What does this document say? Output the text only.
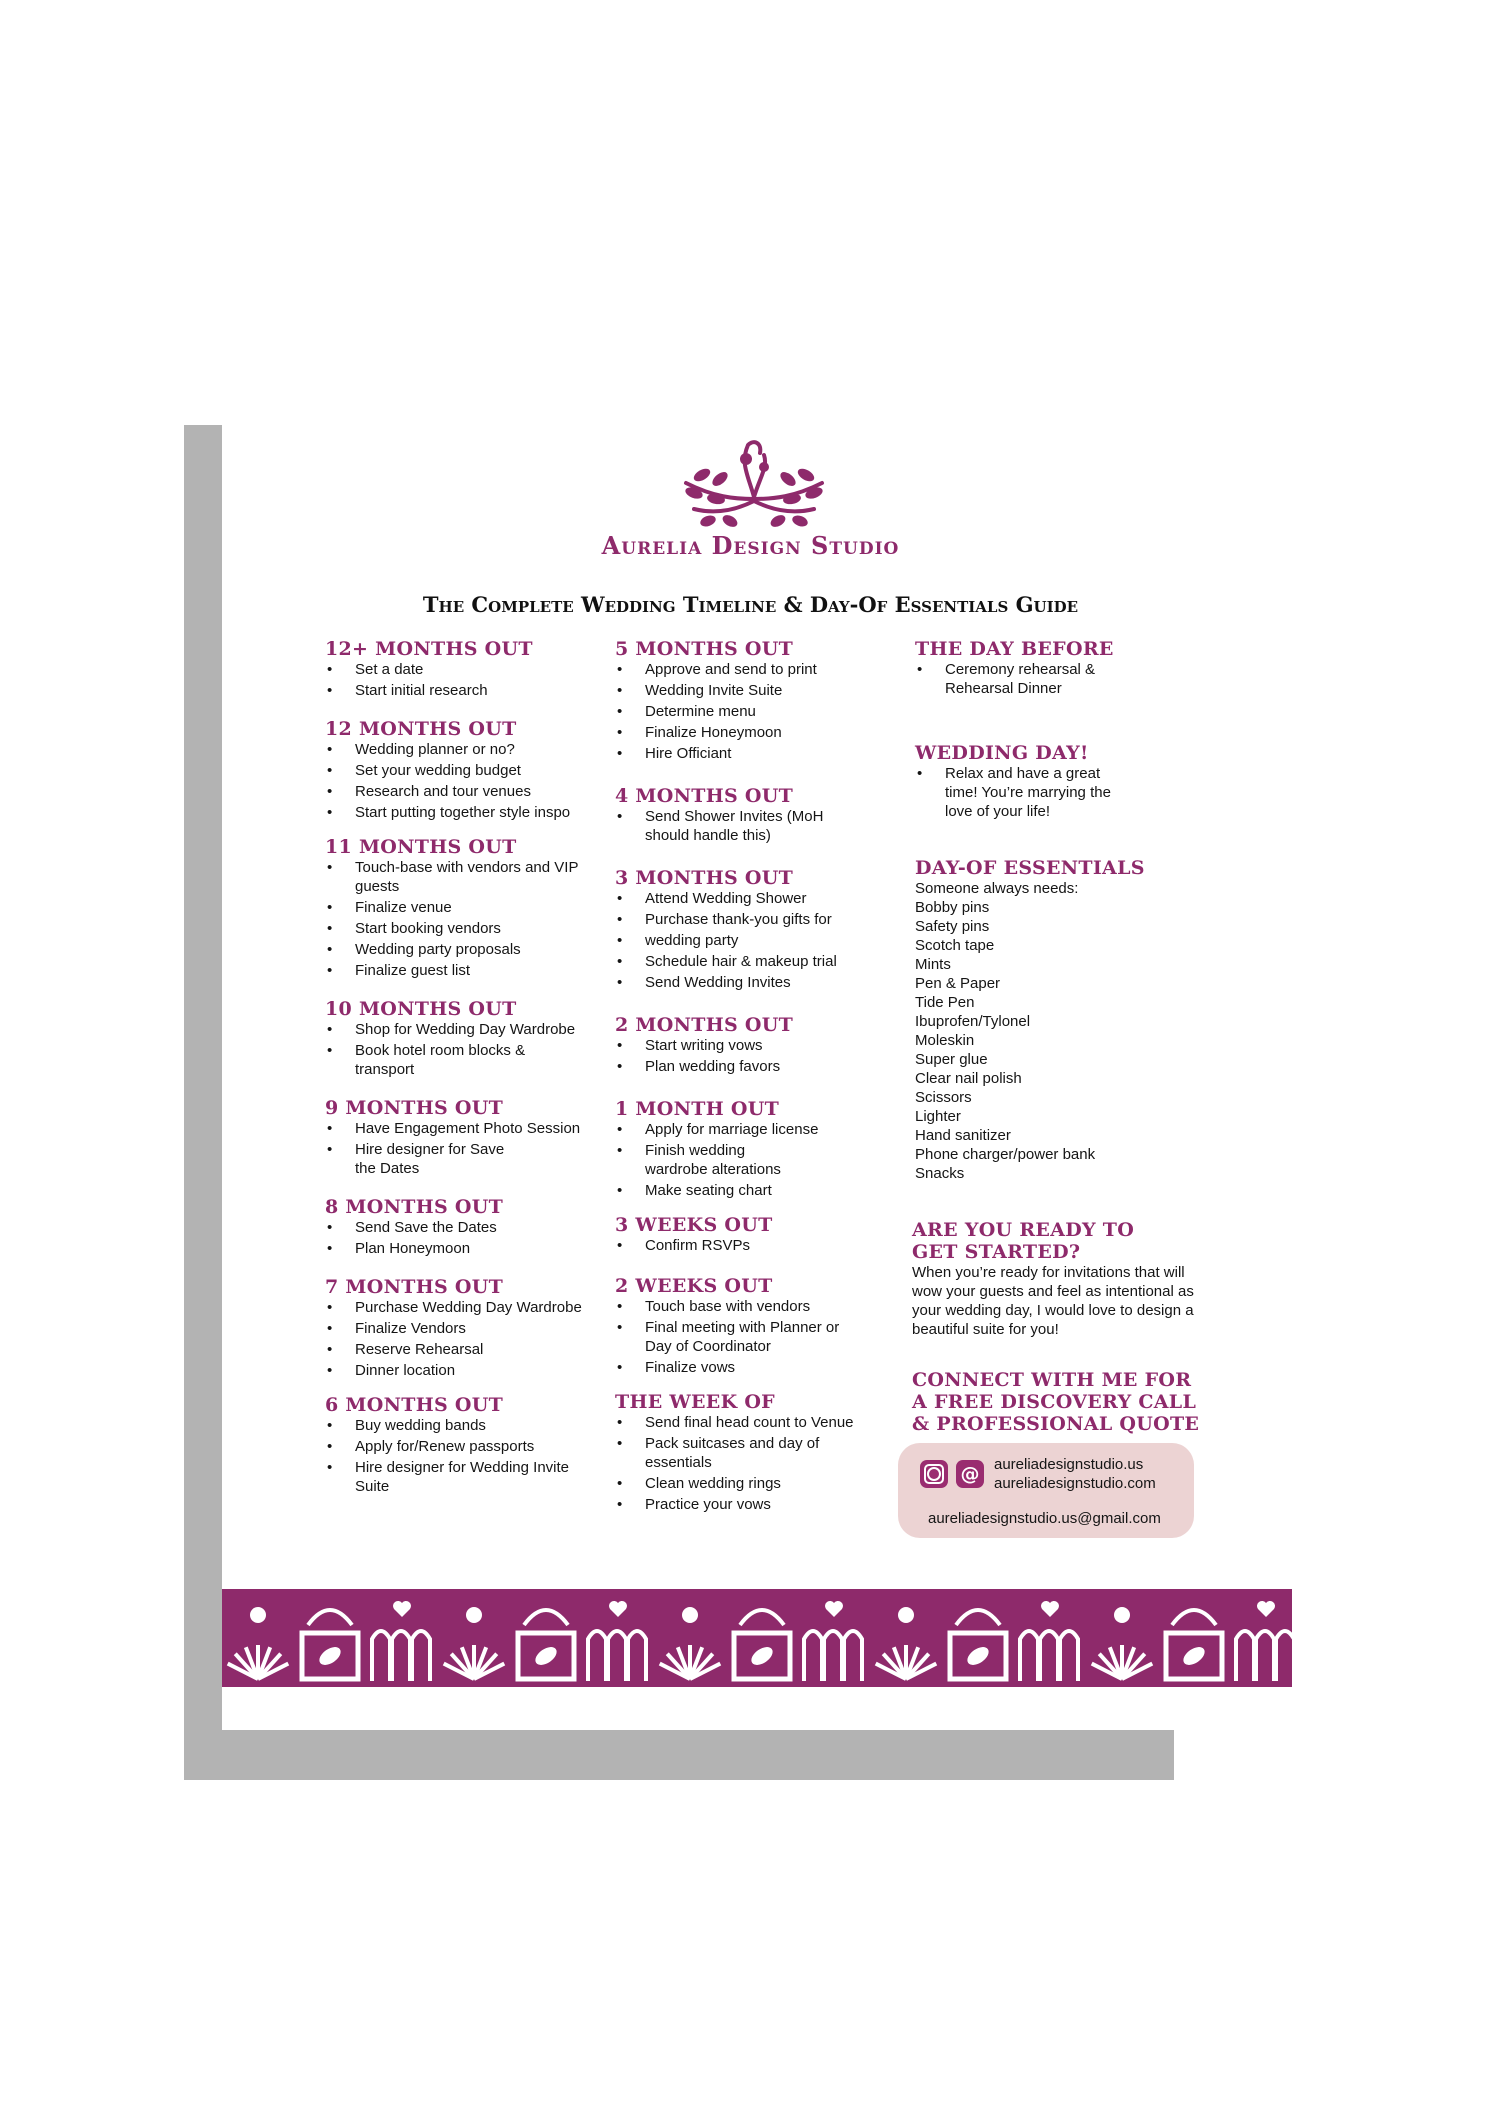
Aurelia Design Studio
The Complete Wedding Timeline & Day-Of Essentials Guide
12+ MONTHS OUT
• Set a date
• Start initial research
12 MONTHS OUT
• Wedding planner or no?
• Set your wedding budget
• Research and tour venues
• Start putting together style inspo
11 MONTHS OUT
• Touch-base with vendors and VIP guests
• Finalize venue
• Start booking vendors
• Wedding party proposals
• Finalize guest list
10 MONTHS OUT
• Shop for Wedding Day Wardrobe
• Book hotel room blocks & transport
9 MONTHS OUT
• Have Engagement Photo Session
• Hire designer for Save the Dates
8 MONTHS OUT
• Send Save the Dates
• Plan Honeymoon
7 MONTHS OUT
• Purchase Wedding Day Wardrobe
• Finalize Vendors
• Reserve Rehearsal
• Dinner location
6 MONTHS OUT
• Buy wedding bands
• Apply for/Renew passports
• Hire designer for Wedding Invite Suite
5 MONTHS OUT
• Approve and send to print
• Wedding Invite Suite
• Determine menu
• Finalize Honeymoon
• Hire Officiant
4 MONTHS OUT
• Send Shower Invites (MoH should handle this)
3 MONTHS OUT
• Attend Wedding Shower
• Purchase thank-you gifts for
• wedding party
• Schedule hair & makeup trial
• Send Wedding Invites
2 MONTHS OUT
• Start writing vows
• Plan wedding favors
1 MONTH OUT
• Apply for marriage license
• Finish wedding wardrobe alterations
• Make seating chart
3 WEEKS OUT
• Confirm RSVPs
2 WEEKS OUT
• Touch base with vendors
• Final meeting with Planner or Day of Coordinator
• Finalize vows
THE WEEK OF
• Send final head count to Venue
• Pack suitcases and day of essentials
• Clean wedding rings
• Practice your vows
THE DAY BEFORE
• Ceremony rehearsal & Rehearsal Dinner
WEDDING DAY!
• Relax and have a great time! You’re marrying the love of your life!
DAY-OF ESSENTIALS
Someone always needs:
Bobby pins
Safety pins
Scotch tape
Mints
Pen & Paper
Tide Pen
Ibuprofen/Tylonel
Moleskin
Super glue
Clear nail polish
Scissors
Lighter
Hand sanitizer
Phone charger/power bank
Snacks
ARE YOU READY TO GET STARTED?
When you’re ready for invitations that will wow your guests and feel as intentional as your wedding day, I would love to design a beautiful suite for you!
CONNECT WITH ME FOR A FREE DISCOVERY CALL & PROFESSIONAL QUOTE
@ aureliadesignstudio.us
aureliadesignstudio.com
aureliadesignstudio.us@gmail.com
